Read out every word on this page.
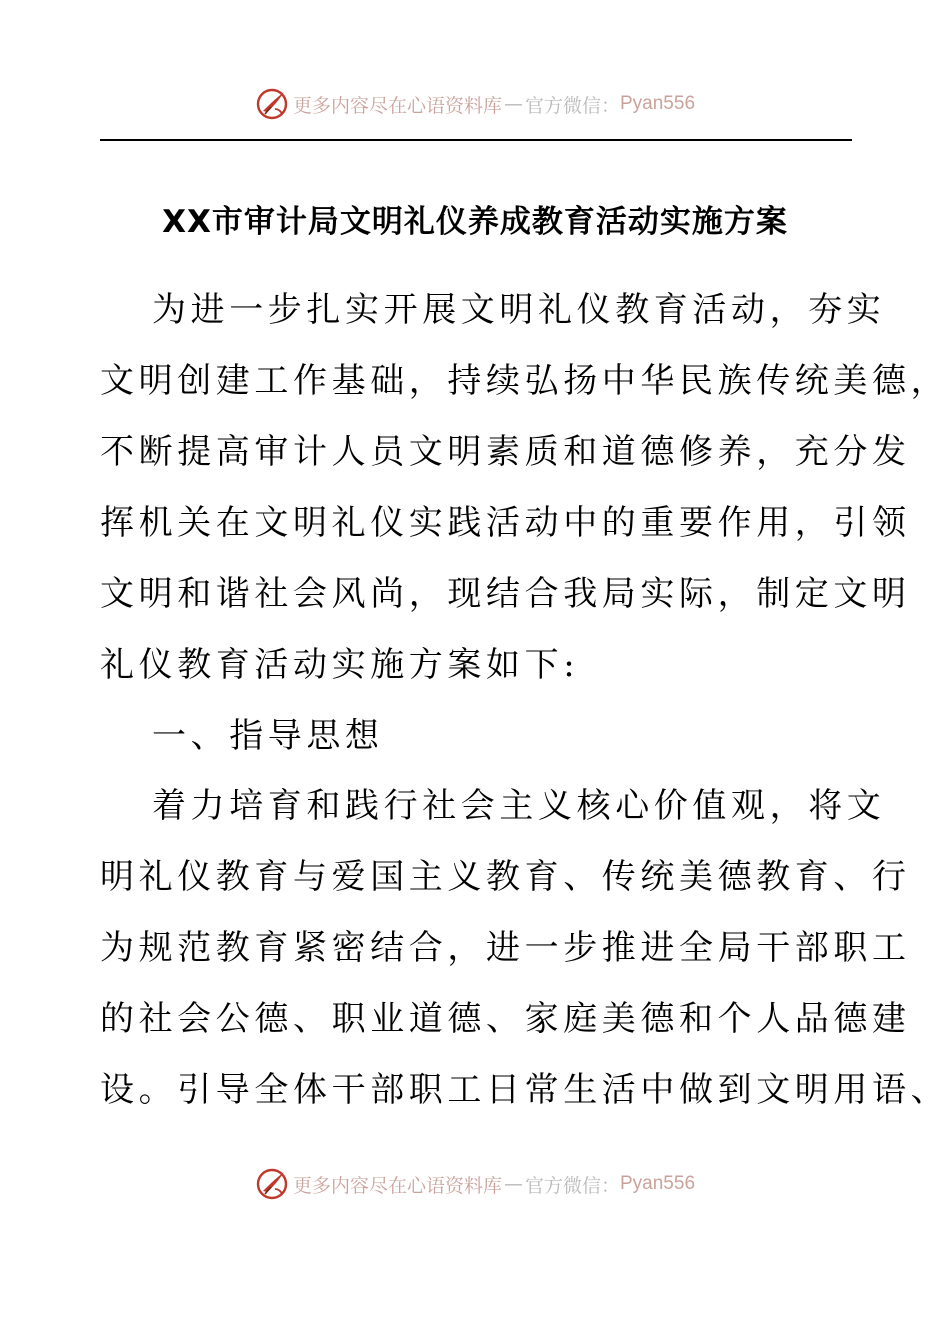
更多内容尽在心语资料库 — 官方微信： Pyan556
XX市审计局文明礼仪养成教育活动实施方案
为进一步扎实开展文明礼仪教育活动，夯实
文明创建工作基础，持续弘扬中华民族传统美德，
不断提高审计人员文明素质和道德修养，充分发
挥机关在文明礼仪实践活动中的重要作用，引领
文明和谐社会风尚，现结合我局实际，制定文明
礼仪教育活动实施方案如下:
一、指导思想
着力培育和践行社会主义核心价值观，将文
明礼仪教育与爱国主义教育、传统美德教育、行
为规范教育紧密结合，进一步推进全局干部职工
的社会公德、职业道德、家庭美德和个人品德建
设。引导全体干部职工日常生活中做到文明用语、
更多内容尽在心语资料库 — 官方微信： Pyan556
